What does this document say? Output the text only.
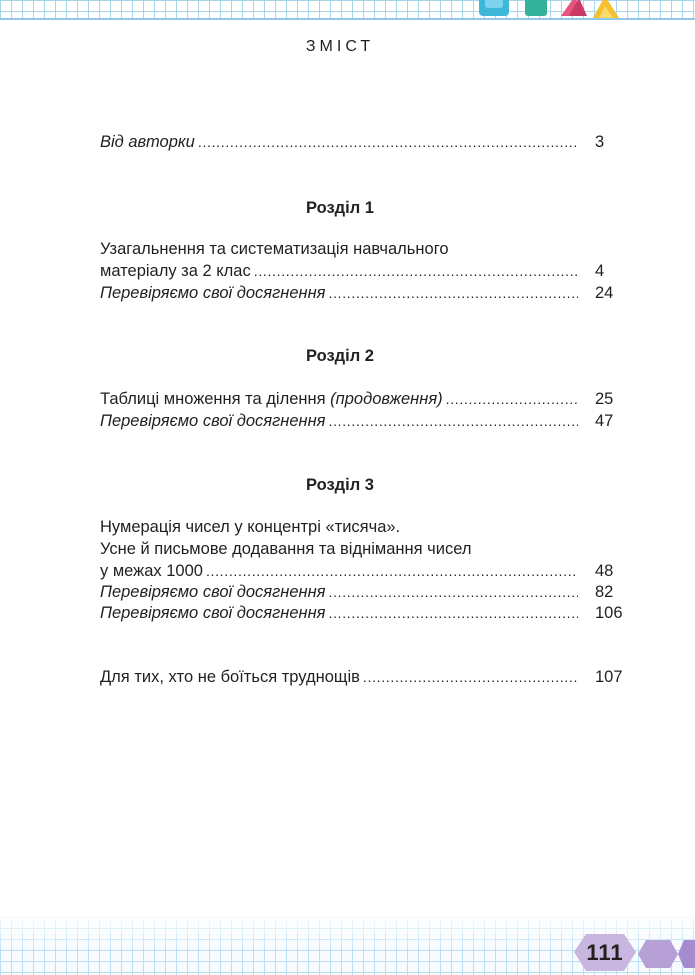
ЗМІСТ
Від авторки . . .	3
Розділ 1
Узагальнення та систематизація навчального
матеріалу за 2 клас . . .	4
Перевіряємо свої досягнення . . .	24
Розділ 2
Таблиці множення та ділення (продовження) . . .	25
Перевіряємо свої досягнення . . .	47
Розділ 3
Нумерація чисел у концентрі «тисяча».
Усне й письмове додавання та віднімання чисел
у межах 1000 . . .	48
Перевіряємо свої досягнення . . .	82
Перевіряємо свої досягнення . . .	106
Для тих, хто не боїться труднощів . . .	107
111
